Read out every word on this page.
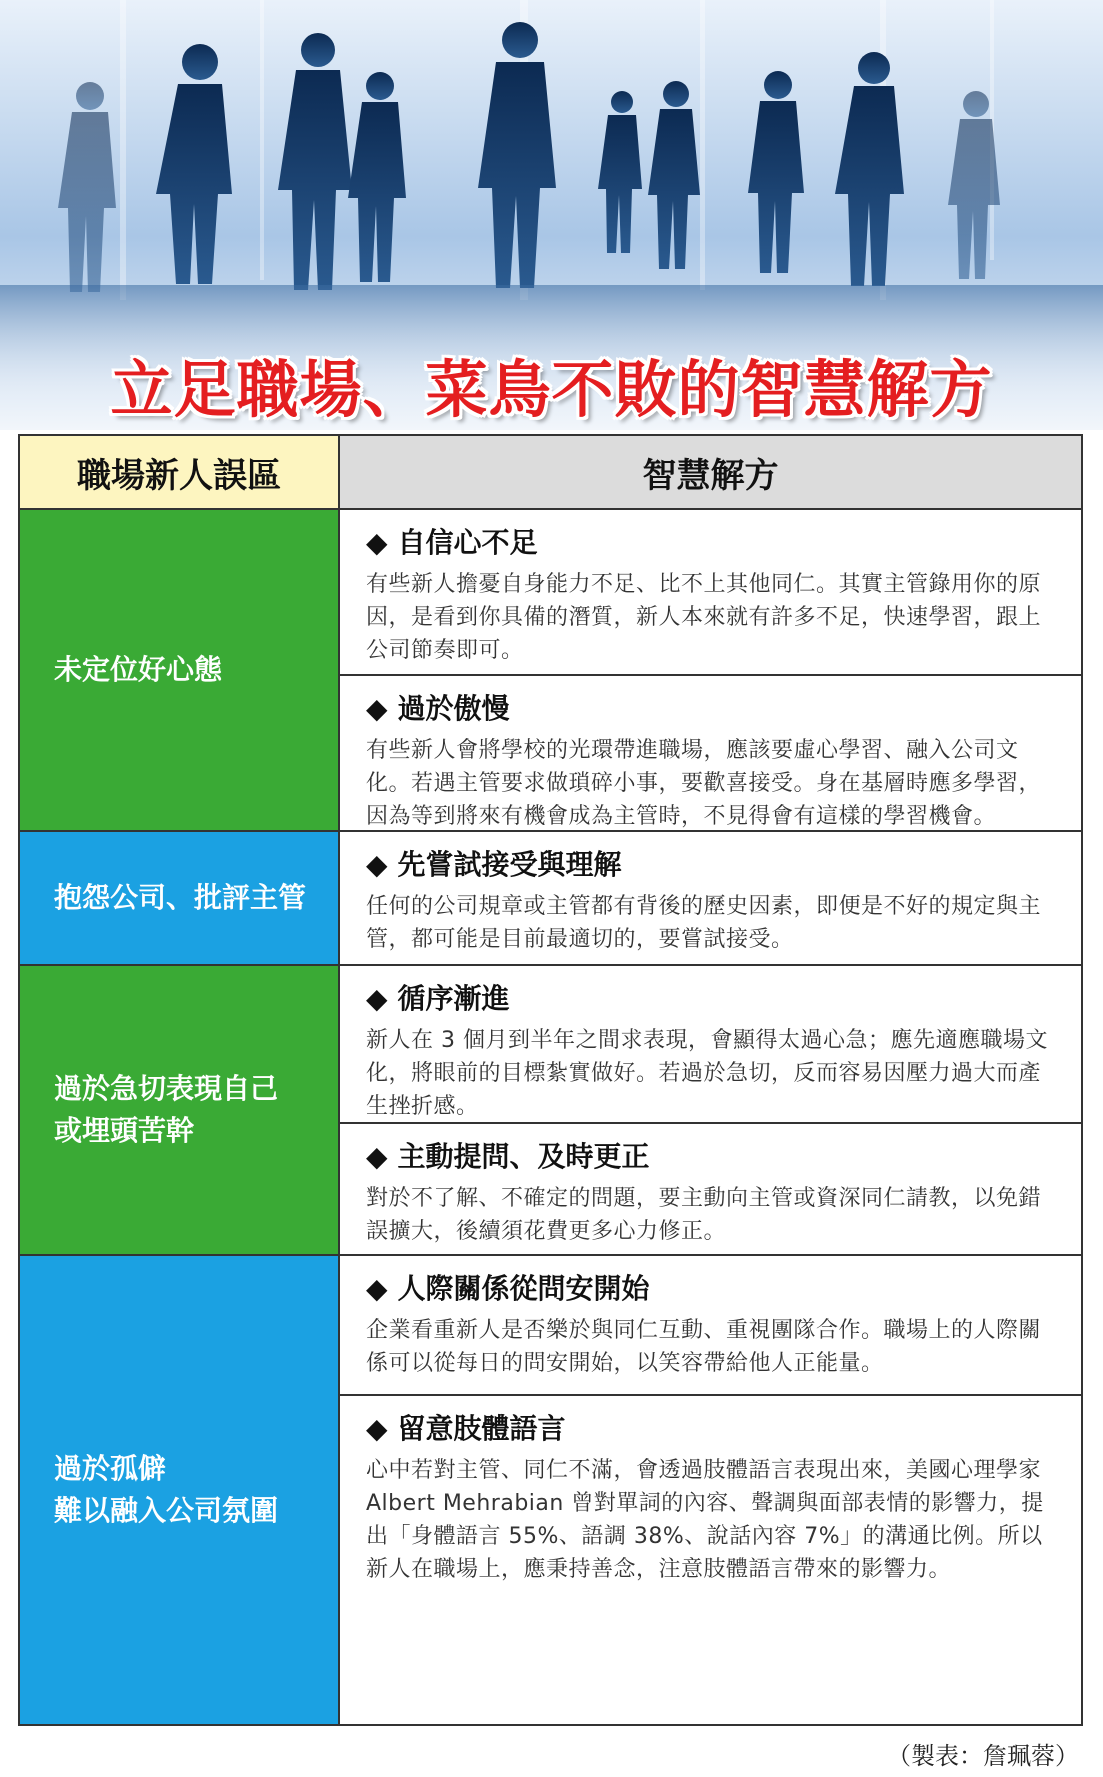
立足職場、菜鳥不敗的智慧解方
職場新人誤區	智慧解方
未定位好心態
抱怨公司、批評主管
過於急切表現自己
或埋頭苦幹
過於孤僻
難以融入公司氛圍
◆ 自信心不足
有些新人擔憂自身能力不足、比不上其他同仁。其實主管錄用你的原因，是看到你具備的潛質，新人本來就有許多不足，快速學習，跟上公司節奏即可。
◆ 過於傲慢
有些新人會將學校的光環帶進職場，應該要虛心學習、融入公司文化。若遇主管要求做瑣碎小事，要歡喜接受。身在基層時應多學習，因為等到將來有機會成為主管時，不見得會有這樣的學習機會。
◆ 先嘗試接受與理解
任何的公司規章或主管都有背後的歷史因素，即便是不好的規定與主管，都可能是目前最適切的，要嘗試接受。
◆ 循序漸進
新人在 3 個月到半年之間求表現，會顯得太過心急；應先適應職場文化，將眼前的目標紮實做好。若過於急切，反而容易因壓力過大而產生挫折感。
◆ 主動提問、及時更正
對於不了解、不確定的問題，要主動向主管或資深同仁請教，以免錯誤擴大，後續須花費更多心力修正。
◆ 人際關係從問安開始
企業看重新人是否樂於與同仁互動、重視團隊合作。職場上的人際關係可以從每日的問安開始，以笑容帶給他人正能量。
◆ 留意肢體語言
心中若對主管、同仁不滿，會透過肢體語言表現出來，美國心理學家 Albert Mehrabian 曾對單詞的內容、聲調與面部表情的影響力，提出「身體語言 55%、語調 38%、說話內容 7%」的溝通比例。所以新人在職場上，應秉持善念，注意肢體語言帶來的影響力。
（製表：詹珮蓉）
